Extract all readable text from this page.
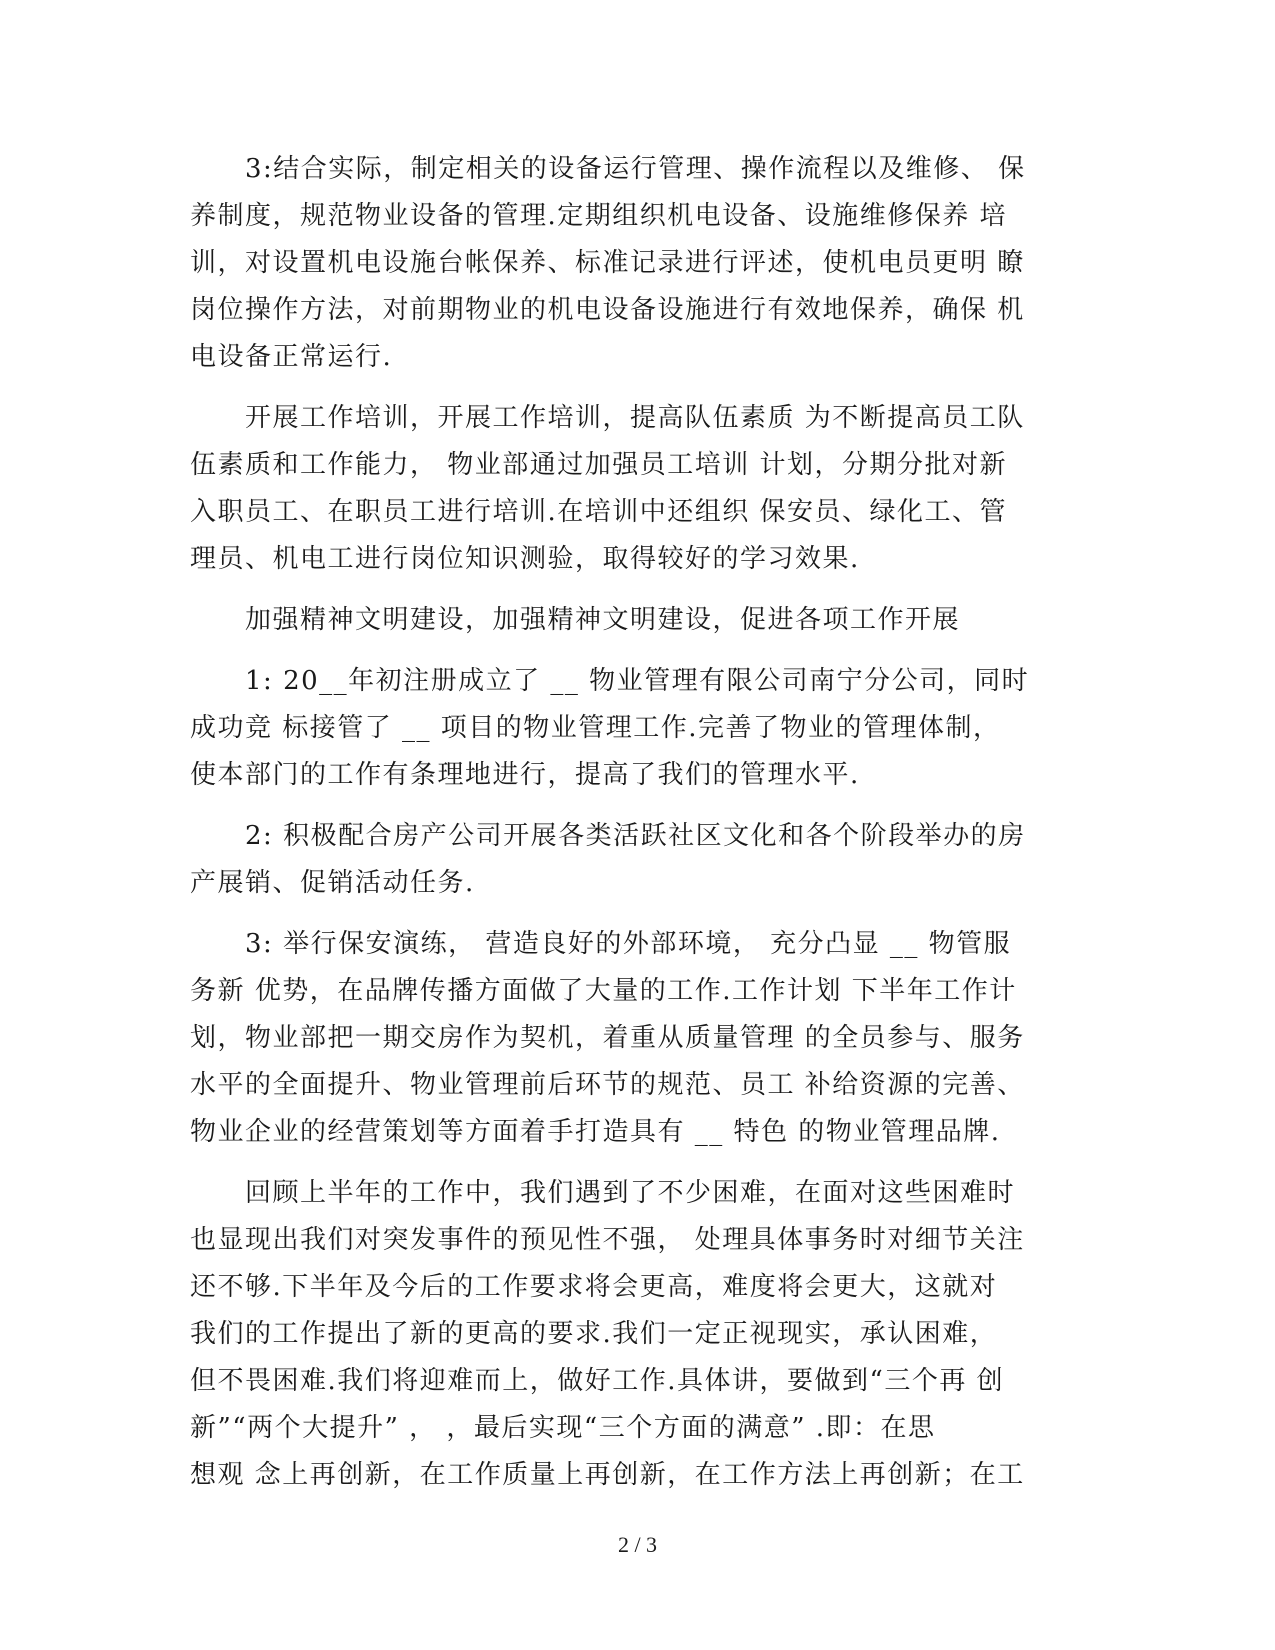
　　3:结合实际，制定相关的设备运行管理、操作流程以及维修、 保
养制度，规范物业设备的管理.定期组织机电设备、设施维修保养 培
训，对设置机电设施台帐保养、标准记录进行评述，使机电员更明 瞭
岗位操作方法，对前期物业的机电设备设施进行有效地保养，确保 机
电设备正常运行.

　　开展工作培训，开展工作培训，提高队伍素质 为不断提高员工队
伍素质和工作能力， 物业部通过加强员工培训 计划，分期分批对新
入职员工、在职员工进行培训.在培训中还组织 保安员、绿化工、管
理员、机电工进行岗位知识测验，取得较好的学习效果.

　　加强精神文明建设，加强精神文明建设，促进各项工作开展

　　1: 20__年初注册成立了 __ 物业管理有限公司南宁分公司，同时
成功竞 标接管了 __ 项目的物业管理工作.完善了物业的管理体制，
使本部门的工作有条理地进行，提高了我们的管理水平.

　　2: 积极配合房产公司开展各类活跃社区文化和各个阶段举办的房
产展销、促销活动任务.

　　3: 举行保安演练， 营造良好的外部环境， 充分凸显 __ 物管服
务新 优势，在品牌传播方面做了大量的工作.工作计划 下半年工作计
划，物业部把一期交房作为契机，着重从质量管理 的全员参与、服务
水平的全面提升、物业管理前后环节的规范、员工 补给资源的完善、
物业企业的经营策划等方面着手打造具有 __ 特色 的物业管理品牌.

　　回顾上半年的工作中，我们遇到了不少困难，在面对这些困难时
也显现出我们对突发事件的预见性不强， 处理具体事务时对细节关注
还不够.下半年及今后的工作要求将会更高，难度将会更大，这就对
我们的工作提出了新的更高的要求.我们一定正视现实，承认困难，
但不畏困难.我们将迎难而上，做好工作.具体讲，要做到“三个再 创
新”“两个大提升” ， ，最后实现“三个方面的满意” .即：在思
想观 念上再创新，在工作质量上再创新，在工作方法上再创新；在工

2 / 3
